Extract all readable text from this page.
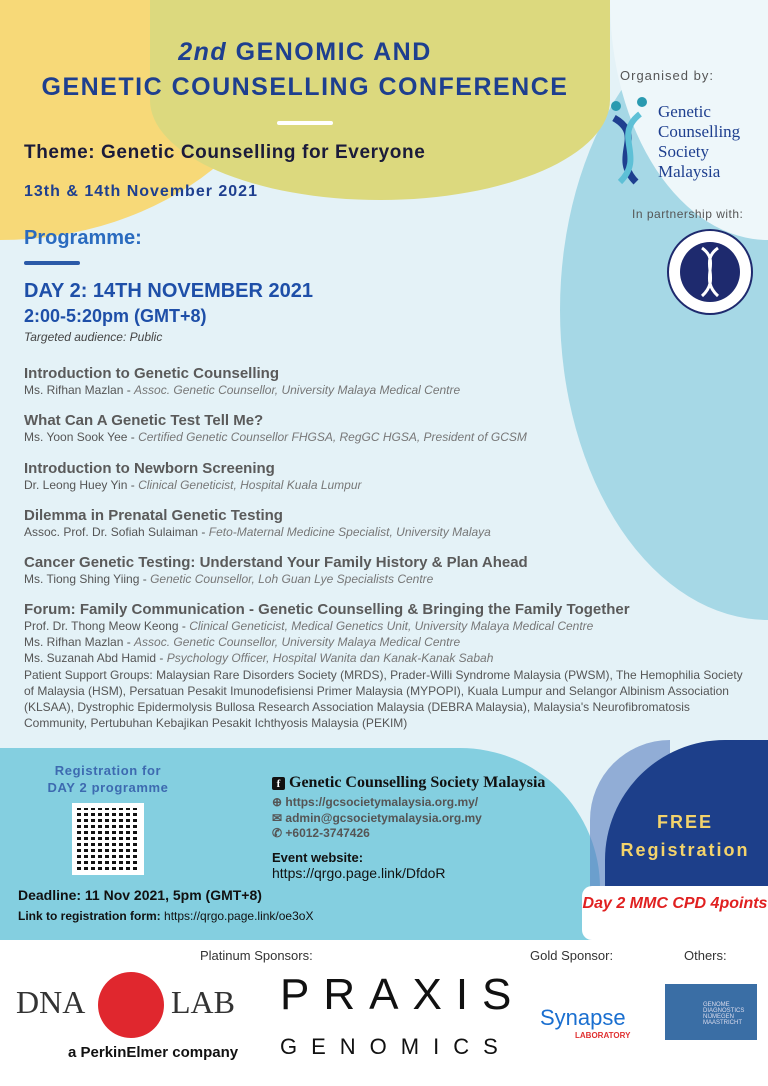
2nd GENOMIC AND
GENETIC COUNSELLING CONFERENCE
Theme: Genetic Counselling for Everyone
13th & 14th November 2021
Organised by:
Genetic
Counselling
Society
Malaysia
In partnership with:
Programme:
DAY 2: 14TH NOVEMBER 2021
2:00-5:20pm (GMT+8)
Targeted audience: Public
Introduction to Genetic Counselling
Ms. Rifhan Mazlan - Assoc. Genetic Counsellor, University Malaya Medical Centre
What Can A Genetic Test Tell Me?
Ms. Yoon Sook Yee - Certified Genetic Counsellor FHGSA, RegGC HGSA, President of GCSM
Introduction to Newborn Screening
Dr. Leong Huey Yin - Clinical Geneticist, Hospital Kuala Lumpur
Dilemma in Prenatal Genetic Testing
Assoc. Prof. Dr. Sofiah Sulaiman - Feto-Maternal Medicine Specialist, University Malaya
Cancer Genetic Testing: Understand Your Family History & Plan Ahead
Ms. Tiong Shing Yiing - Genetic Counsellor, Loh Guan Lye Specialists Centre
Forum: Family Communication - Genetic Counselling & Bringing the Family Together
Prof. Dr. Thong Meow Keong - Clinical Geneticist, Medical Genetics Unit, University Malaya Medical Centre
Ms. Rifhan Mazlan - Assoc. Genetic Counsellor, University Malaya Medical Centre
Ms. Suzanah Abd Hamid - Psychology Officer, Hospital Wanita dan Kanak-Kanak Sabah
Patient Support Groups: Malaysian Rare Disorders Society (MRDS), Prader-Willi Syndrome Malaysia (PWSM), The Hemophilia Society of Malaysia (HSM), Persatuan Pesakit Imunodefisiensi Primer Malaysia (MYPOPI), Kuala Lumpur and Selangor Albinism Association (KLSAA), Dystrophic Epidermolysis Bullosa Research Association Malaysia (DEBRA Malaysia), Malaysia's Neurofibromatosis Community, Pertubuhan Kebajikan Pesakit Ichthyosis Malaysia (PEKIM)
Registration for
DAY 2 programme
Deadline: 11 Nov 2021, 5pm (GMT+8)
Link to registration form: https://qrgo.page.link/oe3oX
f Genetic Counselling Society Malaysia
⊕ https://gcsocietymalaysia.org.my/
✉ admin@gcsocietymalaysia.org.my
✆ +6012-3747426
Event website:
https://qrgo.page.link/DfdoR
FREE
Registration
Day 2 MMC CPD 4points
Platinum Sponsors:	Gold Sponsor:	Others:
DNA	LAB
a PerkinElmer company
PRAXIS
GENOMICS
Synapse
LABORATORY
GENOME DIAGNOSTICS NIJMEGEN MAASTRICHT
